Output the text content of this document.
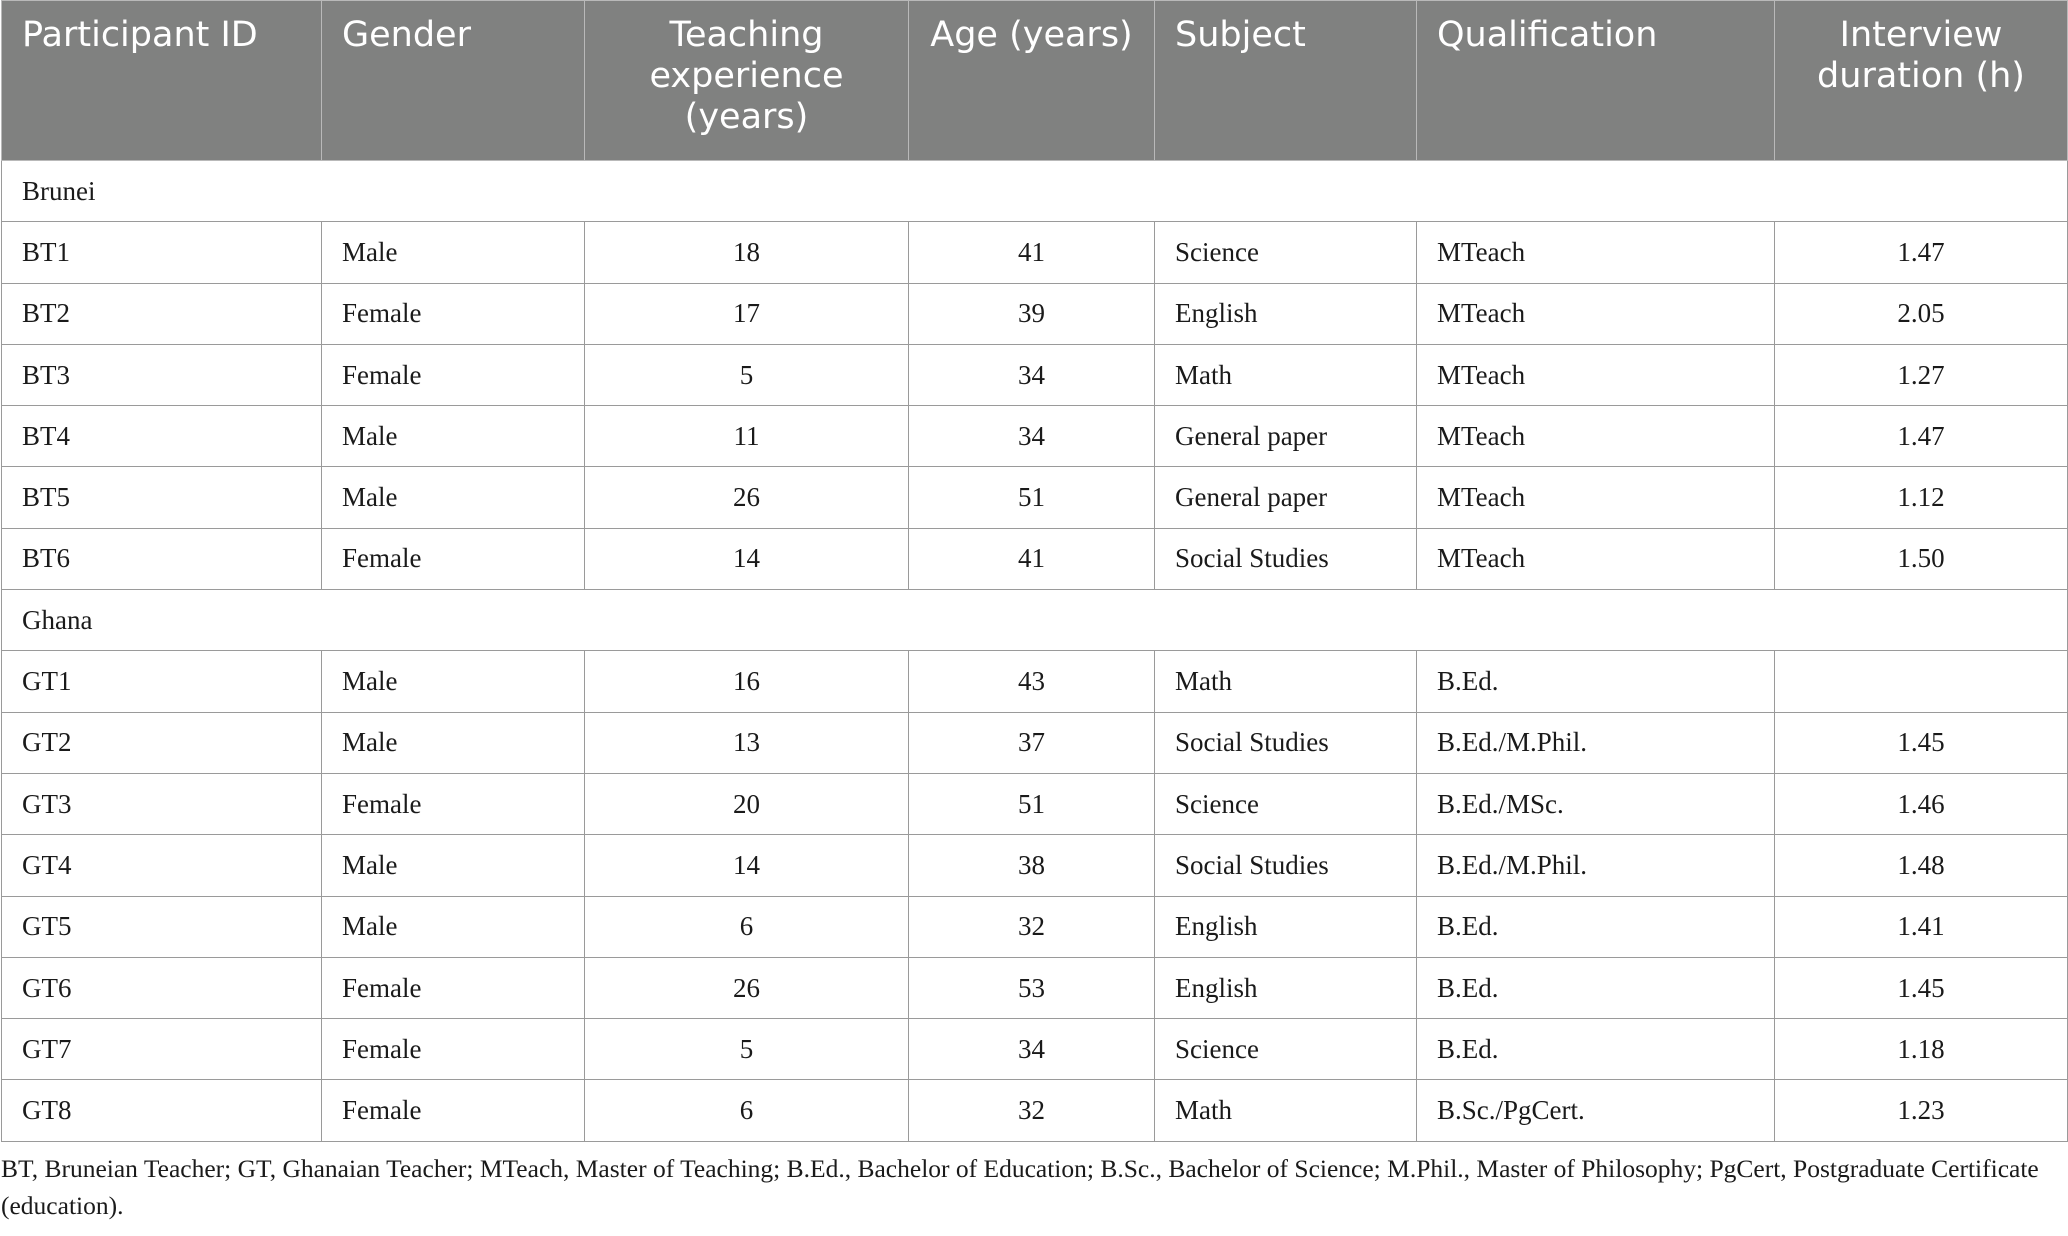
Participant ID	Gender	Teaching experience (years)	Age (years)	Subject	Qualification	Interview duration (h)
Brunei						
BT1	Male	18	41	Science	MTeach	1.47
BT2	Female	17	39	English	MTeach	2.05
BT3	Female	5	34	Math	MTeach	1.27
BT4	Male	11	34	General paper	MTeach	1.47
BT5	Male	26	51	General paper	MTeach	1.12
BT6	Female	14	41	Social Studies	MTeach	1.50
Ghana						
GT1	Male	16	43	Math	B.Ed.	
GT2	Male	13	37	Social Studies	B.Ed./M.Phil.	1.45
GT3	Female	20	51	Science	B.Ed./MSc.	1.46
GT4	Male	14	38	Social Studies	B.Ed./M.Phil.	1.48
GT5	Male	6	32	English	B.Ed.	1.41
GT6	Female	26	53	English	B.Ed.	1.45
GT7	Female	5	34	Science	B.Ed.	1.18
GT8	Female	6	32	Math	B.Sc./PgCert.	1.23
BT, Bruneian Teacher; GT, Ghanaian Teacher; MTeach, Master of Teaching; B.Ed., Bachelor of Education; B.Sc., Bachelor of Science; M.Phil., Master of Philosophy; PgCert, Postgraduate Certificate (education).
